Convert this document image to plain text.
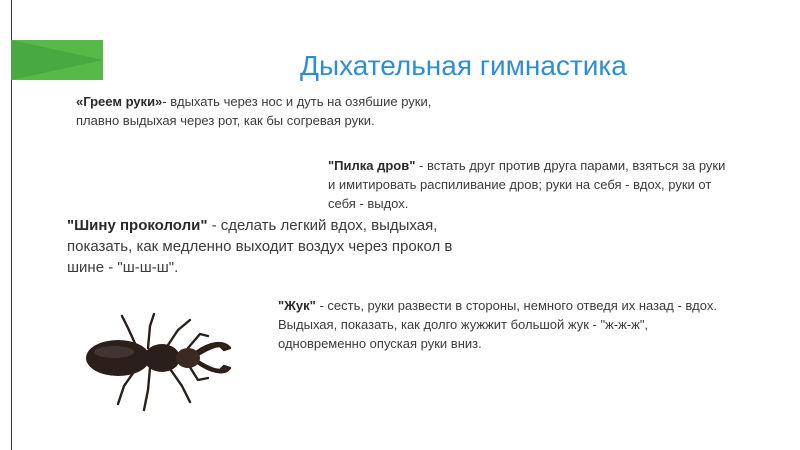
Дыхательная гимнастика
«Греем руки»- вдыхать через нос и дуть на озябшие руки, плавно выдыхая через рот, как бы согревая руки.
"Пилка дров" - встать друг против друга парами, взяться за руки и имитировать распиливание дров; руки на себя - вдох, руки от себя - выдох.
"Шину прокололи" - сделать легкий вдох, выдыхая, показать, как медленно выходит воздух через прокол в шине - "ш-ш-ш".
"Жук" - сесть, руки развести в стороны, немного отведя их назад - вдох. Выдыхая, показать, как долго жужжит большой жук - "ж-ж-ж", одновременно опуская руки вниз.
